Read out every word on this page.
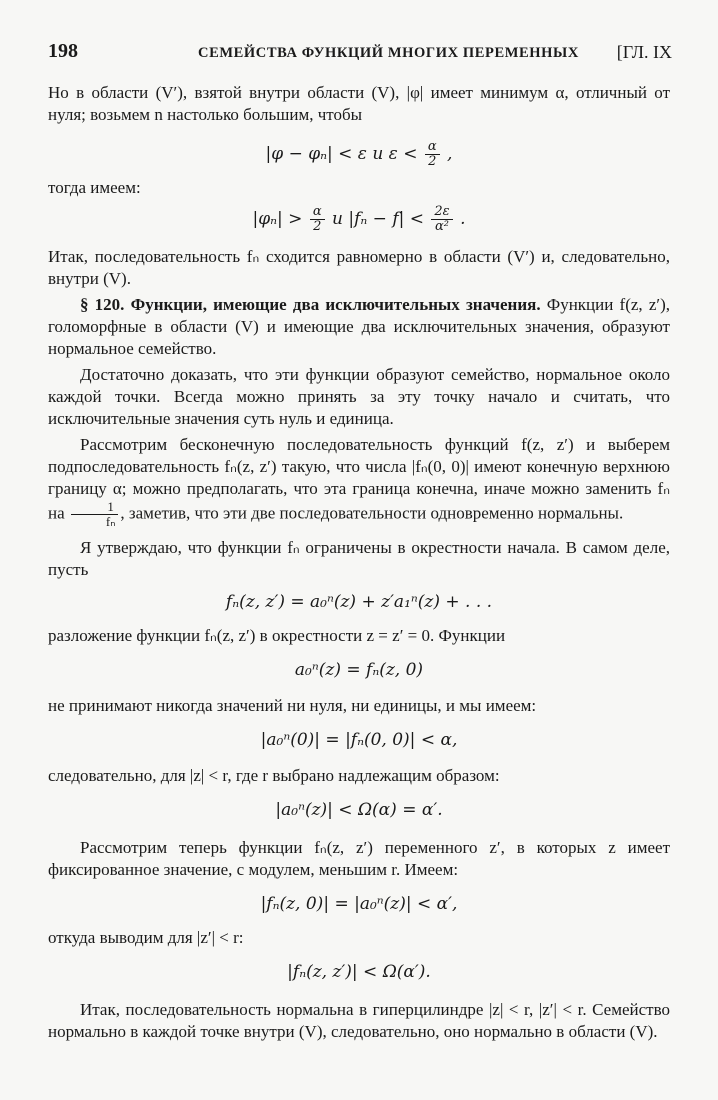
198	СЕМЕЙСТВА ФУНКЦИЙ МНОГИХ ПЕРЕМЕННЫХ [ГЛ. IX

Но в области (V′), взятой внутри области (V), |φ| имеет минимум α, отличный от нуля; возьмем n настолько большим, чтобы

|φ − φₙ| < ε и $\varepsilon < \frac{\alpha}{2}$ ,

тогда имеем:

$|\varphi_n| > \frac{\alpha}{2}$ и $|f_n - f| < \frac{2\varepsilon}{\text{α²}}$ .

Итак, последовательность fₙ сходится равномерно в области (V′) и, следовательно, внутри (V).

§ 120. Функции, имеющие два исключительных значения. Функции f(z, z′), голоморфные в области (V) и имеющие два исключительных значения, образуют нормальное семейство.

Достаточно доказать, что эти функции образуют семейство, нормальное около каждой точки. Всегда можно принять за эту точку начало и считать, что исключительные значения суть нуль и единица.

Рассмотрим бесконечную последовательность функций f(z, z′) и выберем подпоследовательность fₙ(z, z′) такую, что числа |fₙ(0, 0)| имеют конечную верхнюю границу α; можно предполагать, что эта граница конечна, иначе можно заменить fₙ на $\frac{1}{\text{fₙ}}$ , заметив, что эти две последовательности одновременно нормальны.

Я утверждаю, что функции fₙ ограничены в окрестности начала. В самом деле, пусть

fₙ(z, z′) = a₀ⁿ(z) + z′a₁ⁿ(z) + . . .

разложение функции fₙ(z, z′) в окрестности z = z′ = 0. Функции

a₀ⁿ(z) = fₙ(z, 0)

не принимают никогда значений ни нуля, ни единицы, и мы имеем:

|a₀ⁿ(0)| = |fₙ(0, 0)| < α,

следовательно, для |z| < r, где r выбрано надлежащим образом:

|a₀ⁿ(z)| < Ω(α) = α′.

Рассмотрим теперь функции fₙ(z, z′) переменного z′, в которых z имеет фиксированное значение, с модулем, меньшим r. Имеем:

|fₙ(z, 0)| = |a₀ⁿ(z)| < α′,

откуда выводим для |z′| < r:

|fₙ(z, z′)| < Ω(α′).

Итак, последовательность нормальна в гиперцилиндре |z| < r, |z′| < r. Семейство нормально в каждой точке внутри (V), следовательно, оно нормально в области (V).
